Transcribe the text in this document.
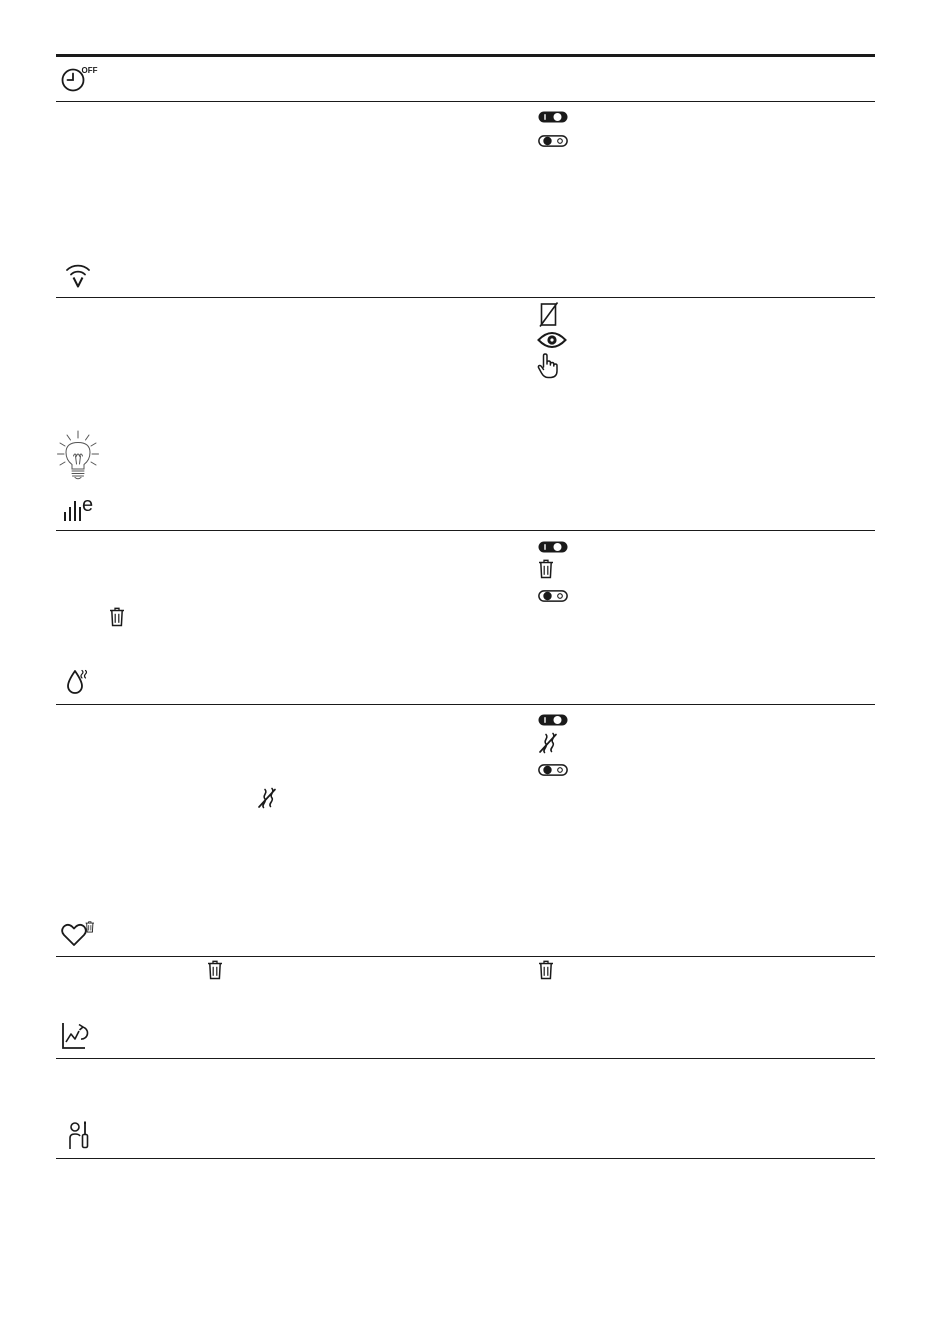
OFF
e
